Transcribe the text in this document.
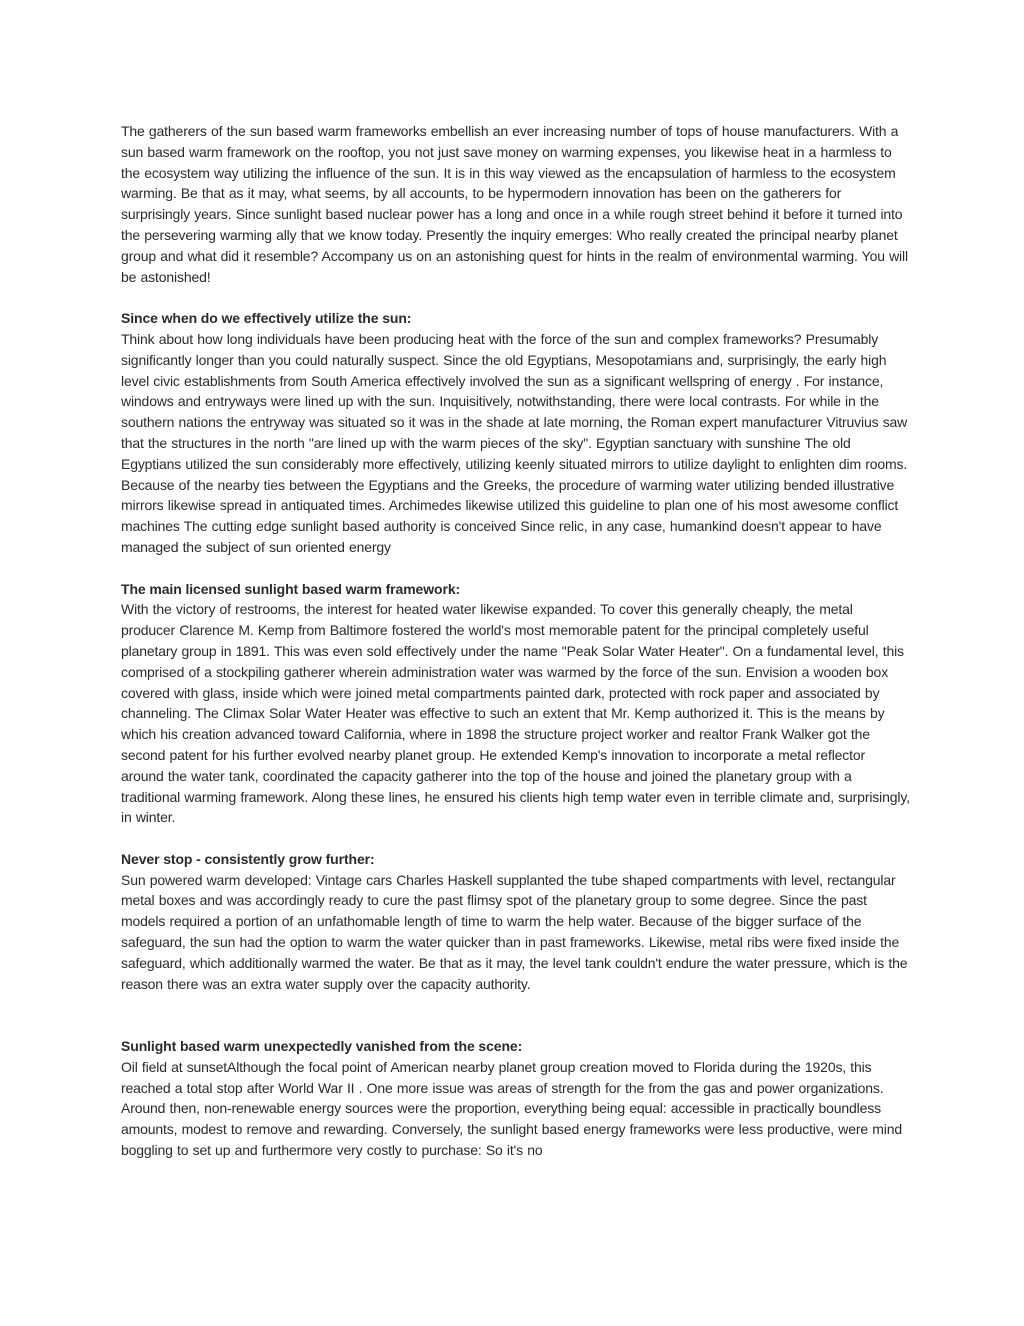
The gatherers of the sun based warm frameworks embellish an ever increasing number of tops of house manufacturers. With a sun based warm framework on the rooftop, you not just save money on warming expenses, you likewise heat in a harmless to the ecosystem way utilizing the influence of the sun. It is in this way viewed as the encapsulation of harmless to the ecosystem warming. Be that as it may, what seems, by all accounts, to be hypermodern innovation has been on the gatherers for surprisingly years. Since sunlight based nuclear power has a long and once in a while rough street behind it before it turned into the persevering warming ally that we know today. Presently the inquiry emerges: Who really created the principal nearby planet group and what did it resemble? Accompany us on an astonishing quest for hints in the realm of environmental warming. You will be astonished!

Since when do we effectively utilize the sun:

Think about how long individuals have been producing heat with the force of the sun and complex frameworks? Presumably significantly longer than you could naturally suspect. Since the old Egyptians, Mesopotamians and, surprisingly, the early high level civic establishments from South America effectively involved the sun as a significant wellspring of energy . For instance, windows and entryways were lined up with the sun. Inquisitively, notwithstanding, there were local contrasts. For while in the southern nations the entryway was situated so it was in the shade at late morning, the Roman expert manufacturer Vitruvius saw that the structures in the north "are lined up with the warm pieces of the sky". Egyptian sanctuary with sunshine The old Egyptians utilized the sun considerably more effectively, utilizing keenly situated mirrors to utilize daylight to enlighten dim rooms. Because of the nearby ties between the Egyptians and the Greeks, the procedure of warming water utilizing bended illustrative mirrors likewise spread in antiquated times. Archimedes likewise utilized this guideline to plan one of his most awesome conflict machines The cutting edge sunlight based authority is conceived Since relic, in any case, humankind doesn't appear to have managed the subject of sun oriented energy

The main licensed sunlight based warm framework:

With the victory of restrooms, the interest for heated water likewise expanded. To cover this generally cheaply, the metal producer Clarence M. Kemp from Baltimore fostered the world's most memorable patent for the principal completely useful planetary group in 1891. This was even sold effectively under the name "Peak Solar Water Heater". On a fundamental level, this comprised of a stockpiling gatherer wherein administration water was warmed by the force of the sun. Envision a wooden box covered with glass, inside which were joined metal compartments painted dark, protected with rock paper and associated by channeling. The Climax Solar Water Heater was effective to such an extent that Mr. Kemp authorized it. This is the means by which his creation advanced toward California, where in 1898 the structure project worker and realtor Frank Walker got the second patent for his further evolved nearby planet group. He extended Kemp's innovation to incorporate a metal reflector around the water tank, coordinated the capacity gatherer into the top of the house and joined the planetary group with a traditional warming framework. Along these lines, he ensured his clients high temp water even in terrible climate and, surprisingly, in winter.

Never stop - consistently grow further:

Sun powered warm developed: Vintage cars Charles Haskell supplanted the tube shaped compartments with level, rectangular metal boxes and was accordingly ready to cure the past flimsy spot of the planetary group to some degree. Since the past models required a portion of an unfathomable length of time to warm the help water. Because of the bigger surface of the safeguard, the sun had the option to warm the water quicker than in past frameworks. Likewise, metal ribs were fixed inside the safeguard, which additionally warmed the water. Be that as it may, the level tank couldn't endure the water pressure, which is the reason there was an extra water supply over the capacity authority.

Sunlight based warm unexpectedly vanished from the scene:

Oil field at sunsetAlthough the focal point of American nearby planet group creation moved to Florida during the 1920s, this reached a total stop after World War II . One more issue was areas of strength for the from the gas and power organizations. Around then, non-renewable energy sources were the proportion, everything being equal: accessible in practically boundless amounts, modest to remove and rewarding. Conversely, the sunlight based energy frameworks were less productive, were mind boggling to set up and furthermore very costly to purchase: So it's no
